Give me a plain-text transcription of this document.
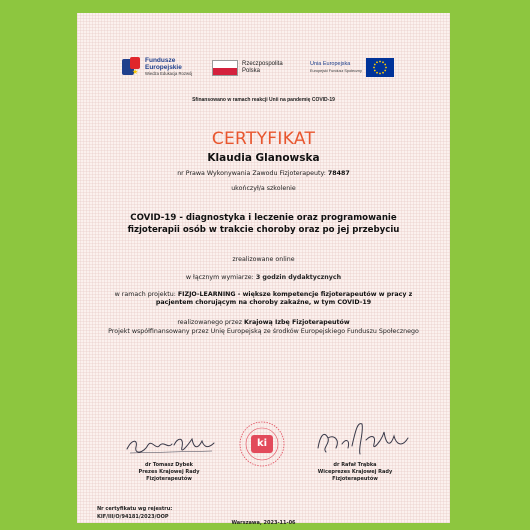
★
Fundusze
Europejskie
Wiedza Edukacja Rozwój
Rzeczpospolita
Polska
Unia Europejska
Europejski Fundusz Społeczny
Sfinansowano w ramach reakcji Unii na pandemię COVID-19
CERTYFIKAT
Klaudia Glanowska
nr Prawa Wykonywania Zawodu Fizjoterapeuty: 78487
ukończył/a szkolenie
COVID-19 - diagnostyka i leczenie oraz programowanie
fizjoterapii osób w trakcie choroby oraz po jej przebyciu
zrealizowane online
w łącznym wymiarze: 3 godzin dydaktycznych
w ramach projektu: FIZJO-LEARNING - większe kompetencje fizjoterapeutów w pracy z pacjentem chorującym na choroby zakaźne, w tym COVID-19
realizowanego przez Krajową Izbę Fizjoterapeutów
Projekt współfinansowany przez Unię Europejską ze środków Europejskiego Funduszu Społecznego
ki
dr Tomasz Dybek
Prezes Krajowej Rady
Fizjoterapeutów
dr Rafał Trąbka
Wiceprezes Krajowej Rady
Fizjoterapeutów
Nr certyfikatu wg rejestru:
KIF/III/O/94181/2023/OOP
Warszawa, 2023-11-06
